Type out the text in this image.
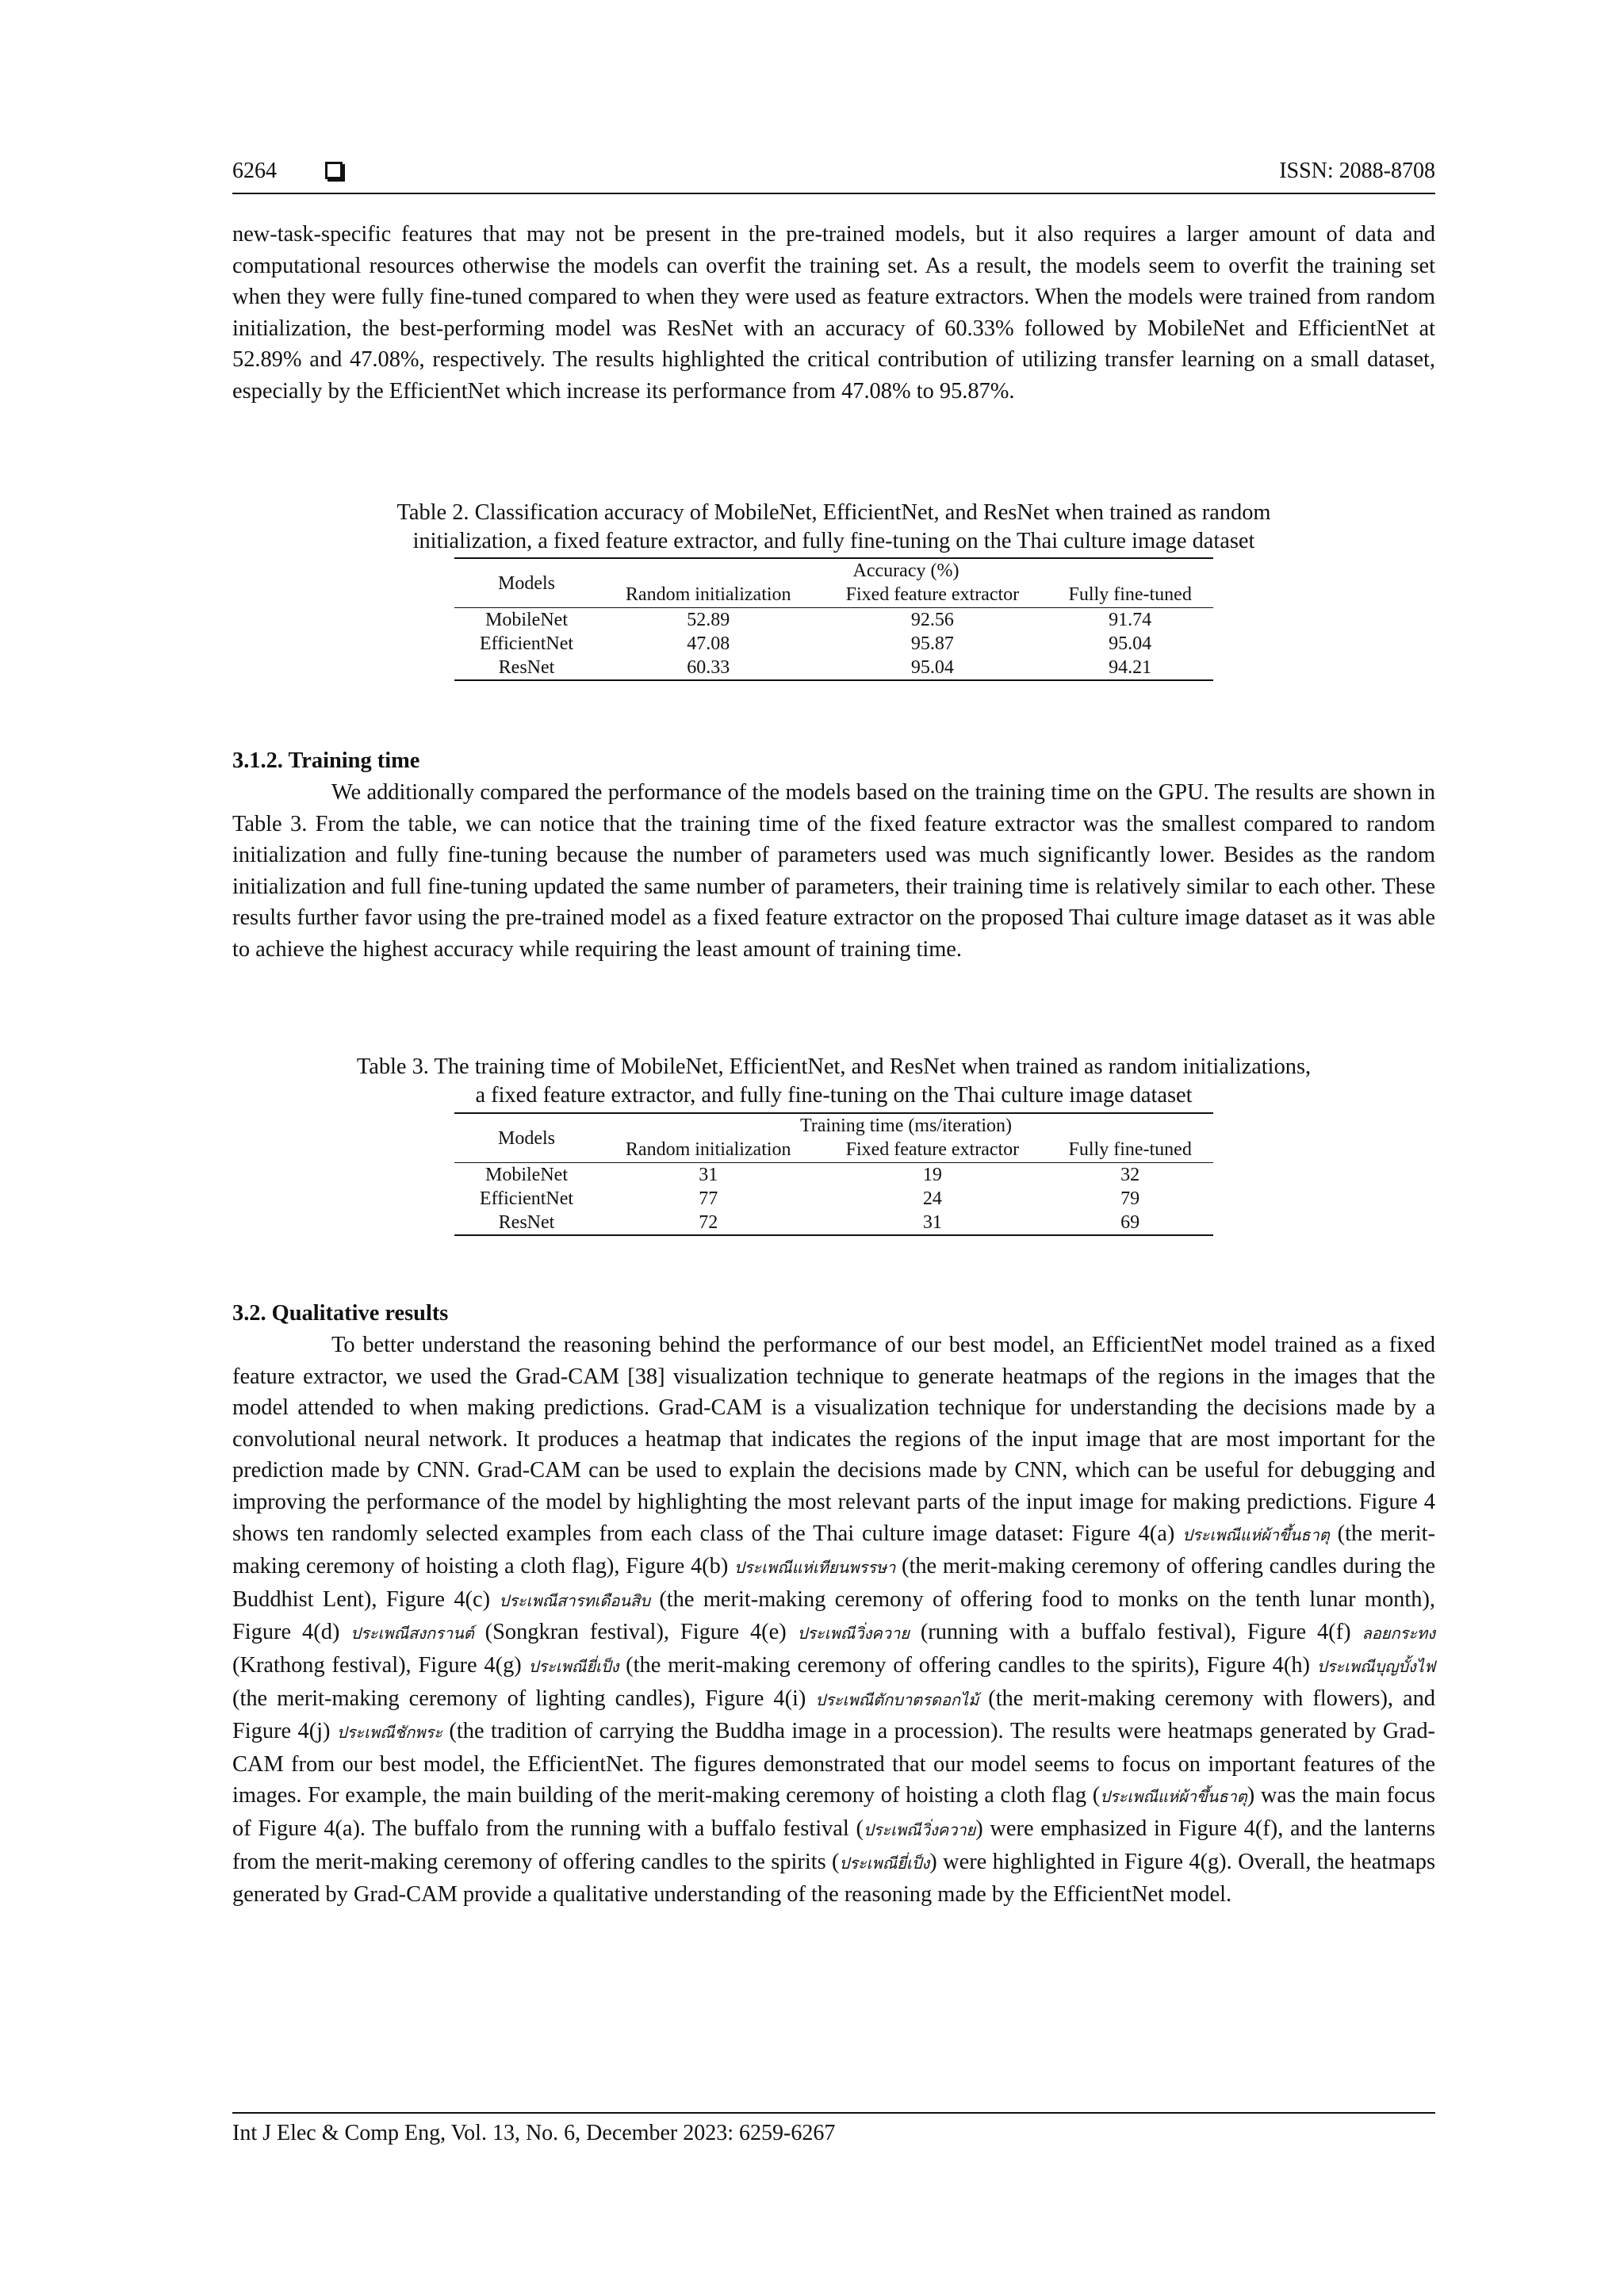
6264	ISSN: 2088-8708

new-task-specific features that may not be present in the pre-trained models, but it also requires a larger amount of data and computational resources otherwise the models can overfit the training set. As a result, the models seem to overfit the training set when they were fully fine-tuned compared to when they were used as feature extractors. When the models were trained from random initialization, the best-performing model was ResNet with an accuracy of 60.33% followed by MobileNet and EfficientNet at 52.89% and 47.08%, respectively. The results highlighted the critical contribution of utilizing transfer learning on a small dataset, especially by the EfficientNet which increase its performance from 47.08% to 95.87%.

Table 2. Classification accuracy of MobileNet, EfficientNet, and ResNet when trained as random
initialization, a fixed feature extractor, and fully fine-tuning on the Thai culture image dataset

Models	Accuracy (%)		
	Random initialization	Fixed feature extractor	Fully fine-tuned
MobileNet	52.89	92.56	91.74
EfficientNet	47.08	95.87	95.04
ResNet	60.33	95.04	94.21
3.1.2. Training time

We additionally compared the performance of the models based on the training time on the GPU. The results are shown in Table 3. From the table, we can notice that the training time of the fixed feature extractor was the smallest compared to random initialization and fully fine-tuning because the number of parameters used was much significantly lower. Besides as the random initialization and full fine-tuning updated the same number of parameters, their training time is relatively similar to each other. These results further favor using the pre-trained model as a fixed feature extractor on the proposed Thai culture image dataset as it was able to achieve the highest accuracy while requiring the least amount of training time.

Table 3. The training time of MobileNet, EfficientNet, and ResNet when trained as random initializations,
a fixed feature extractor, and fully fine-tuning on the Thai culture image dataset

Models	Training time (ms/iteration)		
	Random initialization	Fixed feature extractor	Fully fine-tuned
MobileNet	31	19	32
EfficientNet	77	24	79
ResNet	72	31	69
3.2. Qualitative results

To better understand the reasoning behind the performance of our best model, an EfficientNet model trained as a fixed feature extractor, we used the Grad-CAM [38] visualization technique to generate heatmaps of the regions in the images that the model attended to when making predictions. Grad-CAM is a visualization technique for understanding the decisions made by a convolutional neural network. It produces a heatmap that indicates the regions of the input image that are most important for the prediction made by CNN. Grad-CAM can be used to explain the decisions made by CNN, which can be useful for debugging and improving the performance of the model by highlighting the most relevant parts of the input image for making predictions. Figure 4 shows ten randomly selected examples from each class of the Thai culture image dataset: Figure 4(a) ประเพณีแห่ผ้าขึ้นธาตุ (the merit-making ceremony of hoisting a cloth flag), Figure 4(b) ประเพณีแห่เทียนพรรษา (the merit-making ceremony of offering candles during the Buddhist Lent), Figure 4(c) ประเพณีสารทเดือนสิบ (the merit-making ceremony of offering food to monks on the tenth lunar month), Figure 4(d) ประเพณีสงกรานต์ (Songkran festival), Figure 4(e) ประเพณีวิ่งควาย (running with a buffalo festival), Figure 4(f) ลอยกระทง (Krathong festival), Figure 4(g) ประเพณียี่เป็ง (the merit-making ceremony of offering candles to the spirits), Figure 4(h) ประเพณีบุญบั้งไฟ (the merit-making ceremony of lighting candles), Figure 4(i) ประเพณีตักบาตรดอกไม้ (the merit-making ceremony with flowers), and Figure 4(j) ประเพณีชักพระ (the tradition of carrying the Buddha image in a procession). The results were heatmaps generated by Grad-CAM from our best model, the EfficientNet. The figures demonstrated that our model seems to focus on important features of the images. For example, the main building of the merit-making ceremony of hoisting a cloth flag (ประเพณีแห่ผ้าขึ้นธาตุ) was the main focus of Figure 4(a). The buffalo from the running with a buffalo festival (ประเพณีวิ่งควาย) were emphasized in Figure 4(f), and the lanterns from the merit-making ceremony of offering candles to the spirits (ประเพณียี่เป็ง) were highlighted in Figure 4(g). Overall, the heatmaps generated by Grad-CAM provide a qualitative understanding of the reasoning made by the EfficientNet model.

Int J Elec & Comp Eng, Vol. 13, No. 6, December 2023: 6259-6267
